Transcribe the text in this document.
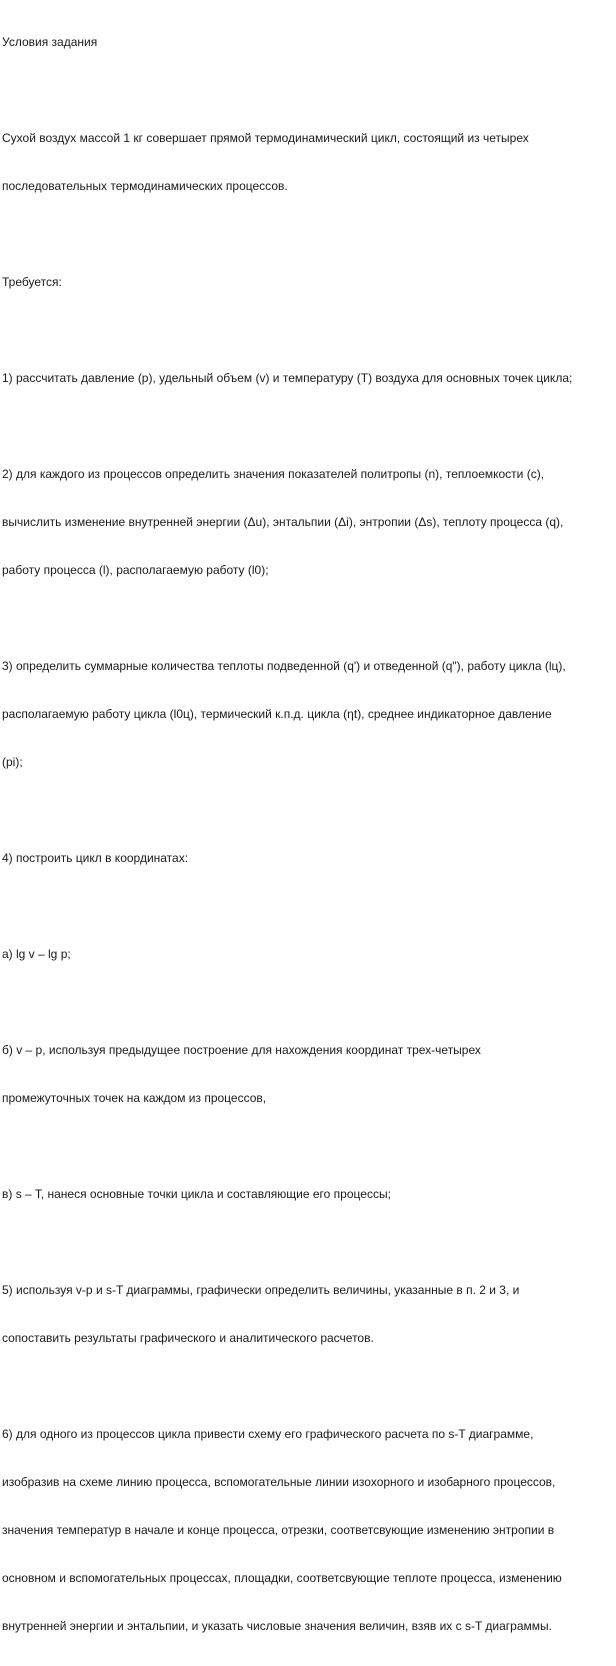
Условия задания

Сухой воздух массой 1 кг совершает прямой термодинамический цикл, состоящий из четырех

последовательных термодинамических процессов.

Требуется:

1) рассчитать давление (p), удельный объем (v) и температуру (T) воздуха для основных точек цикла;

2) для каждого из процессов определить значения показателей политропы (n), теплоемкости (c),

вычислить изменение внутренней энергии (Δu), энтальпии (Δi), энтропии (Δs), теплоту процесса (q),

работу процесса (l), располагаемую работу (l0);

3) определить суммарные количества теплоты подведенной (q') и отведенной (q"), работу цикла (lц),

располагаемую работу цикла (l0ц), термический к.п.д. цикла (ηt), среднее индикаторное давление

(pi);

4) построить цикл в координатах:

а) lg v – lg p;

б) v – p, используя предыдущее построение для нахождения координат трех-четырех

промежуточных точек на каждом из процессов,

в) s – T, нанеся основные точки цикла и составляющие его процессы;

5) используя v-p и s-T диаграммы, графически определить величины, указанные в п. 2 и 3, и

сопоставить результаты графического и аналитического расчетов.

6) для одного из процессов цикла привести схему его графического расчета по s-T диаграмме,

изобразив на схеме линию процесса, вспомогательные линии изохорного и изобарного процессов,

значения температур в начале и конце процесса, отрезки, соответсвующие изменению энтропии в

основном и вспомогательных процессах, площадки, соответсвующие теплоте процесса, изменению

внутренней энергии и энтальпии, и указать числовые значения величин, взяв их с s-T диаграммы.
